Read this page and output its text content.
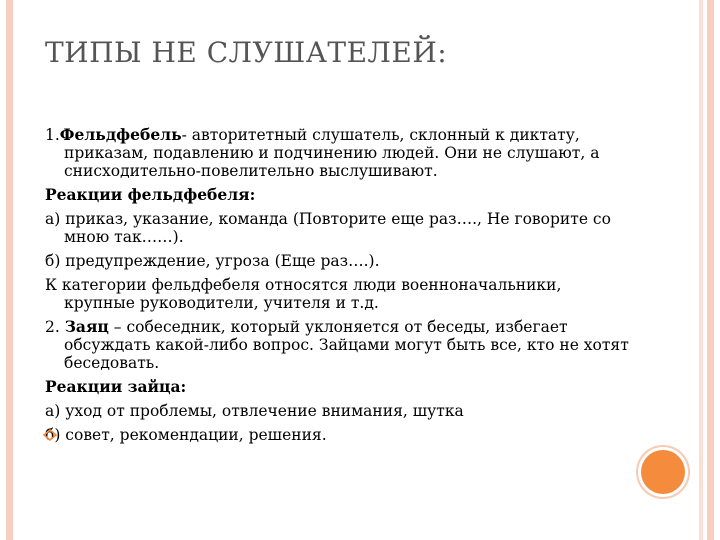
ТИПЫ НЕ СЛУШАТЕЛЕЙ:
1.Фельдфебель- авторитетный слушатель, склонный к диктату, приказам, подавлению и подчинению людей. Они не слушают, а снисходительно-повелительно выслушивают.
Реакции фельдфебеля:
а) приказ, указание, команда (Повторите еще раз…., Не говорите со мною так……).
б) предупреждение, угроза (Еще раз….).
К категории фельдфебеля относятся люди военноначальники, крупные руководители, учителя и т.д.
2. Заяц – собеседник, который уклоняется от беседы, избегает обсуждать какой-либо вопрос. Зайцами могут быть все, кто не хотят беседовать.
Реакции зайца:
а) уход от проблемы, отвлечение внимания, шутка
б) совет, рекомендации, решения.
